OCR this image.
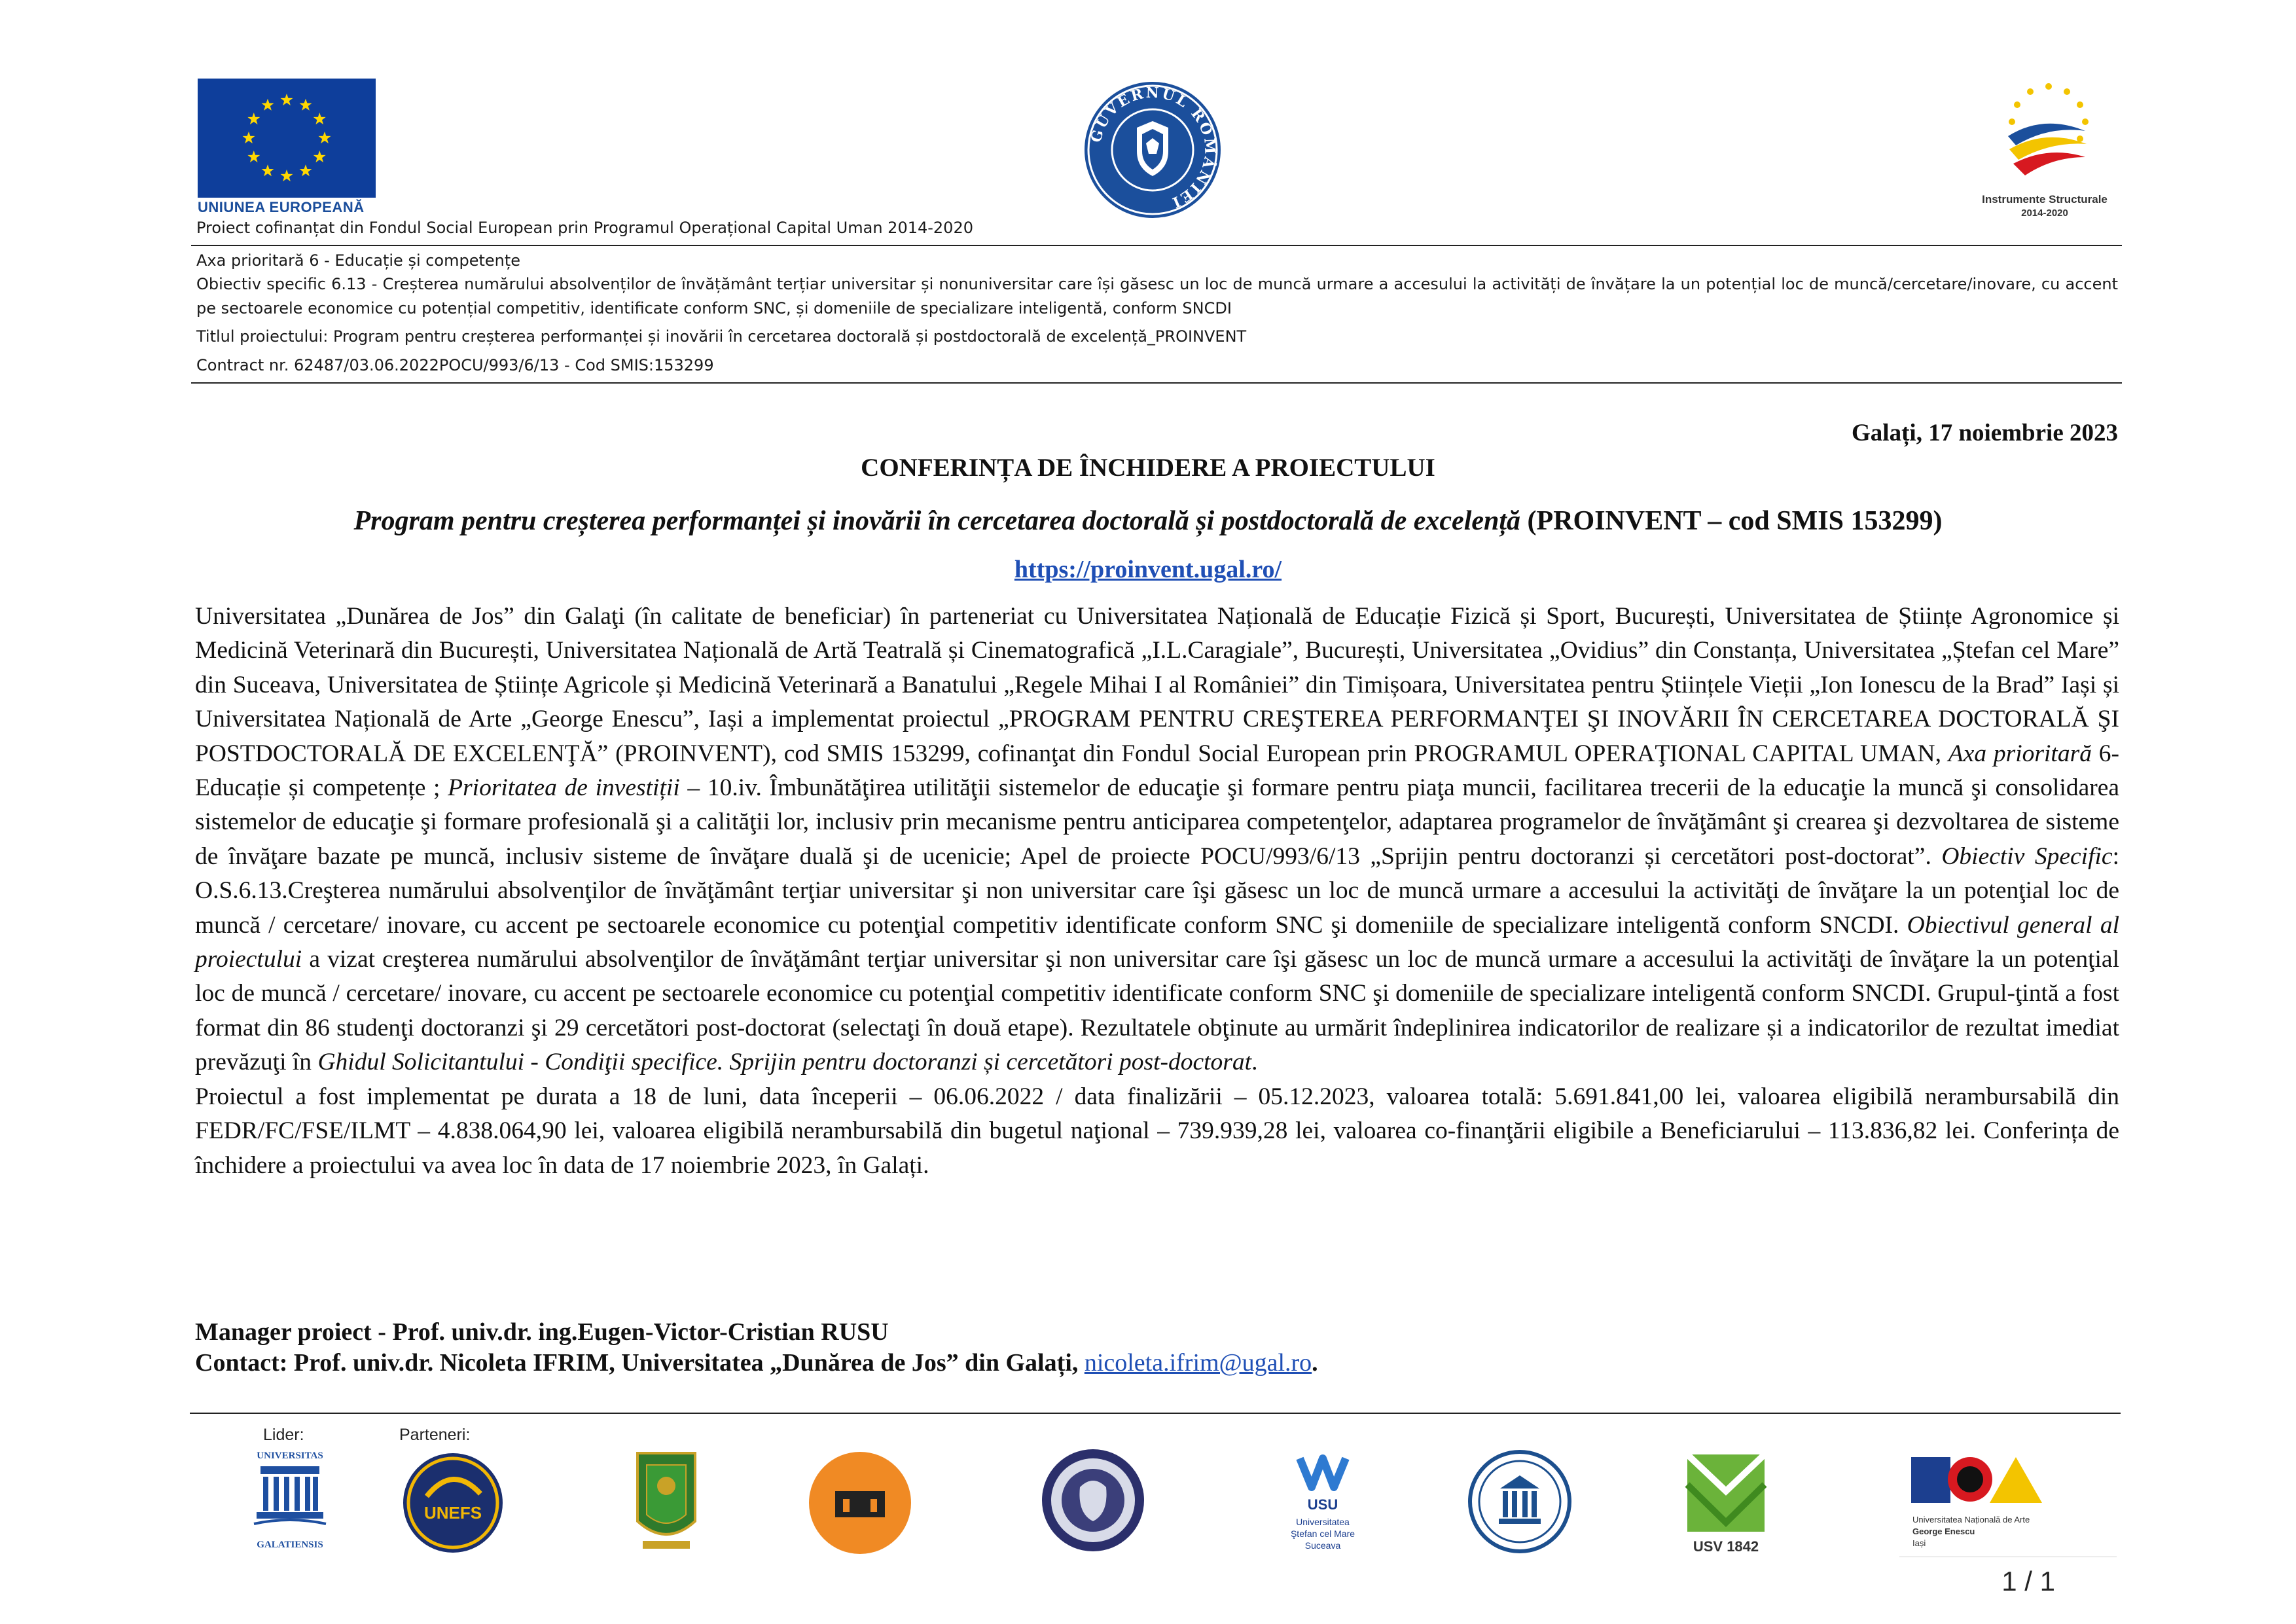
UNIUNEA EUROPEANĂ
GUVERNUL ROMÂNIEI	Instrumente Structurale
2014-2020
Proiect cofinanțat din Fondul Social European prin Programul Operațional Capital Uman 2014-2020
Axa prioritară 6 - Educație și competențe
Obiectiv specific 6.13 - Creșterea numărului absolvenților de învățământ terțiar universitar și nonuniversitar care își găsesc un loc de muncă urmare a accesului la activități de învățare la un potențial loc de muncă/cercetare/inovare, cu accent pe sectoarele economice cu potențial competitiv, identificate conform SNC, și domeniile de specializare inteligentă, conform SNCDI
Titlul proiectului: Program pentru creșterea performanței și inovării în cercetarea doctorală și postdoctorală de excelență_PROINVENT
Contract nr. 62487/03.06.2022POCU/993/6/13 - Cod SMIS:153299
Galați, 17 noiembrie 2023
CONFERINȚA DE ÎNCHIDERE A PROIECTULUI
Program pentru creșterea performanței și inovării în cercetarea doctorală și postdoctorală de excelență (PROINVENT – cod SMIS 153299)
https://proinvent.ugal.ro/

Universitatea „Dunărea de Jos” din Galaţi (în calitate de beneficiar) în parteneriat cu Universitatea Națională de Educație Fizică și Sport, București, Universitatea de Științe Agronomice și Medicină Veterinară din București, Universitatea Națională de Artă Teatrală și Cinematografică „I.L.Caragiale”, București, Universitatea „Ovidius” din Constanța, Universitatea „Ștefan cel Mare” din Suceava, Universitatea de Științe Agricole și Medicină Veterinară a Banatului „Regele Mihai I al României” din Timișoara, Universitatea pentru Științele Vieții „Ion Ionescu de la Brad” Iași și Universitatea Națională de Arte „George Enescu”, Iași a implementat proiectul „PROGRAM PENTRU CREŞTEREA PERFORMANŢEI ŞI INOVĂRII ÎN CERCETAREA DOCTORALĂ ŞI POSTDOCTORALĂ DE EXCELENŢĂ” (PROINVENT), cod SMIS 153299, cofinanţat din Fondul Social European prin PROGRAMUL OPERAŢIONAL CAPITAL UMAN, Axa prioritară 6- Educație și competențe ; Prioritatea de investiții – 10.iv. Îmbunătăţirea utilităţii sistemelor de educaţie şi formare pentru piaţa muncii, facilitarea trecerii de la educaţie la muncă şi consolidarea sistemelor de educaţie şi formare profesională şi a calităţii lor, inclusiv prin mecanisme pentru anticiparea competenţelor, adaptarea programelor de învăţământ şi crearea şi dezvoltarea de sisteme de învăţare bazate pe muncă, inclusiv sisteme de învăţare duală şi de ucenicie; Apel de proiecte POCU/993/6/13 „Sprijin pentru doctoranzi și cercetători post-doctorat”. Obiectiv Specific: O.S.6.13.Creşterea numărului absolvenţilor de învăţământ terţiar universitar şi non universitar care îşi găsesc un loc de muncă urmare a accesului la activităţi de învăţare la un potenţial loc de muncă / cercetare/ inovare, cu accent pe sectoarele economice cu potenţial competitiv identificate conform SNC şi domeniile de specializare inteligentă conform SNCDI. Obiectivul general al proiectului a vizat creşterea numărului absolvenţilor de învăţământ terţiar universitar şi non universitar care îşi găsesc un loc de muncă urmare a accesului la activităţi de învăţare la un potenţial loc de muncă / cercetare/ inovare, cu accent pe sectoarele economice cu potenţial competitiv identificate conform SNC şi domeniile de specializare inteligentă conform SNCDI. Grupul-ţintă a fost format din 86 studenţi doctoranzi şi 29 cercetători post-doctorat (selectaţi în două etape). Rezultatele obţinute au urmărit îndeplinirea indicatorilor de realizare și a indicatorilor de rezultat imediat prevăzuţi în Ghidul Solicitantului - Condiţii specifice. Sprijin pentru doctoranzi și cercetători post-doctorat.

Proiectul a fost implementat pe durata a 18 de luni, data începerii – 06.06.2022 / data finalizării – 05.12.2023, valoarea totală: 5.691.841,00 lei, valoarea eligibilă nerambursabilă din FEDR/FC/FSE/ILMT – 4.838.064,90 lei, valoarea eligibilă nerambursabilă din bugetul naţional – 739.939,28 lei, valoarea co-finanţării eligibile a Beneficiarului – 113.836,82 lei. Conferința de închidere a proiectului va avea loc în data de 17 noiembrie 2023, în Galați.

Manager proiect - Prof. univ.dr. ing.Eugen-Victor-Cristian RUSU
Contact: Prof. univ.dr. Nicoleta IFRIM, Universitatea „Dunărea de Jos” din Galați, nicoleta.ifrim@ugal.ro.
Lider:	Parteneri:
UNIVERSITAS
GALATIENSIS
UNEFS	USU
Universitatea
Ştefan cel Mare
Suceava	USV 1842
Universitatea Națională de Arte
George Enescu
Iași
1 / 1
